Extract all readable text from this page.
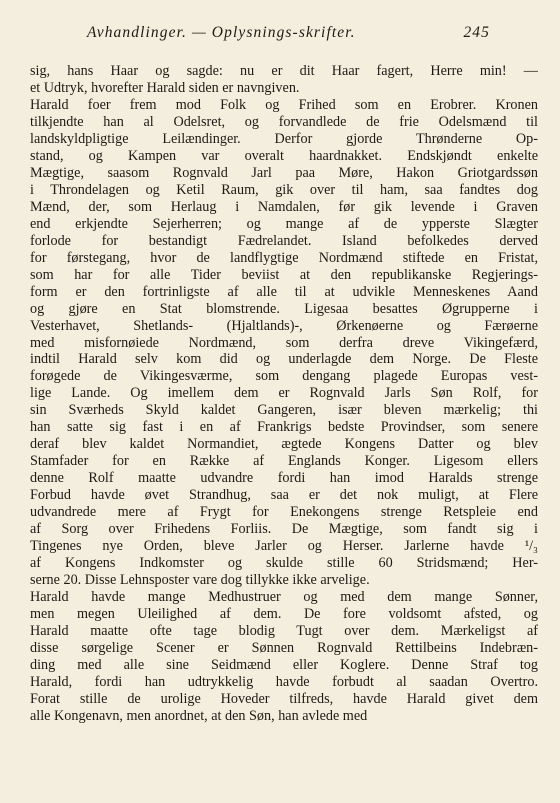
Avhandlinger. — Oplysnings-skrifter.	245
sig, hans Haar og sagde: nu er dit Haar fagert, Herre min! —
et Udtryk, hvorefter Harald siden er navngiven.
Harald foer frem mod Folk og Frihed som en Erobrer. Kronen
tilkjendte han al Odelsret, og forvandlede de frie Odelsmænd til
landskyldpligtige Leilændinger. Derfor gjorde Thrønderne Op-
stand, og Kampen var overalt haardnakket. Endskjøndt enkelte
Mægtige, saasom Rognvald Jarl paa Møre, Hakon Griotgardssøn
i Throndelagen og Ketil Raum, gik over til ham, saa fandtes dog
Mænd, der, som Herlaug i Namdalen, før gik levende i Graven
end erkjendte Sejerherren; og mange af de ypperste Slægter
forlode for bestandigt Fædrelandet. Island befolkedes derved
for førstegang, hvor de landflygtige Nordmænd stiftede en Fristat,
som har for alle Tider beviist at den republikanske Regjerings-
form er den fortrinligste af alle til at udvikle Menneskenes Aand
og gjøre en Stat blomstrende. Ligesaa besattes Øgrupperne i
Vesterhavet, Shetlands- (Hjaltlands)-, Ørkenøerne og Færøerne
med misfornøiede Nordmænd, som derfra dreve Vikingefærd,
indtil Harald selv kom did og underlagde dem Norge. De Fleste
forøgede de Vikingesværme, som dengang plagede Europas vest-
lige Lande. Og imellem dem er Rognvald Jarls Søn Rolf, for
sin Sværheds Skyld kaldet Gangeren, især bleven mærkelig; thi
han satte sig fast i en af Frankrigs bedste Provindser, som senere
deraf blev kaldet Normandiet, ægtede Kongens Datter og blev
Stamfader for en Række af Englands Konger. Ligesom ellers
denne Rolf maatte udvandre fordi han imod Haralds strenge
Forbud havde øvet Strandhug, saa er det nok muligt, at Flere
udvandrede mere af Frygt for Enekongens strenge Retspleie end
af Sorg over Frihedens Forliis. De Mægtige, som fandt sig i
Tingenes nye Orden, bleve Jarler og Herser. Jarlerne havde ¹/₃
af Kongens Indkomster og skulde stille 60 Stridsmænd; Her-
serne 20. Disse Lehnsposter vare dog tillykke ikke arvelige.
Harald havde mange Medhustruer og med dem mange Sønner,
men megen Uleilighed af dem. De fore voldsomt afsted, og
Harald maatte ofte tage blodig Tugt over dem. Mærkeligst af
disse sørgelige Scener er Sønnen Rognvald Rettilbeins Indebræn-
ding med alle sine Seidmænd eller Koglere. Denne Straf tog
Harald, fordi han udtrykkelig havde forbudt al saadan Overtro.
Forat stille de urolige Hoveder tilfreds, havde Harald givet dem
alle Kongenavn, men anordnet, at den Søn, han avlede med
